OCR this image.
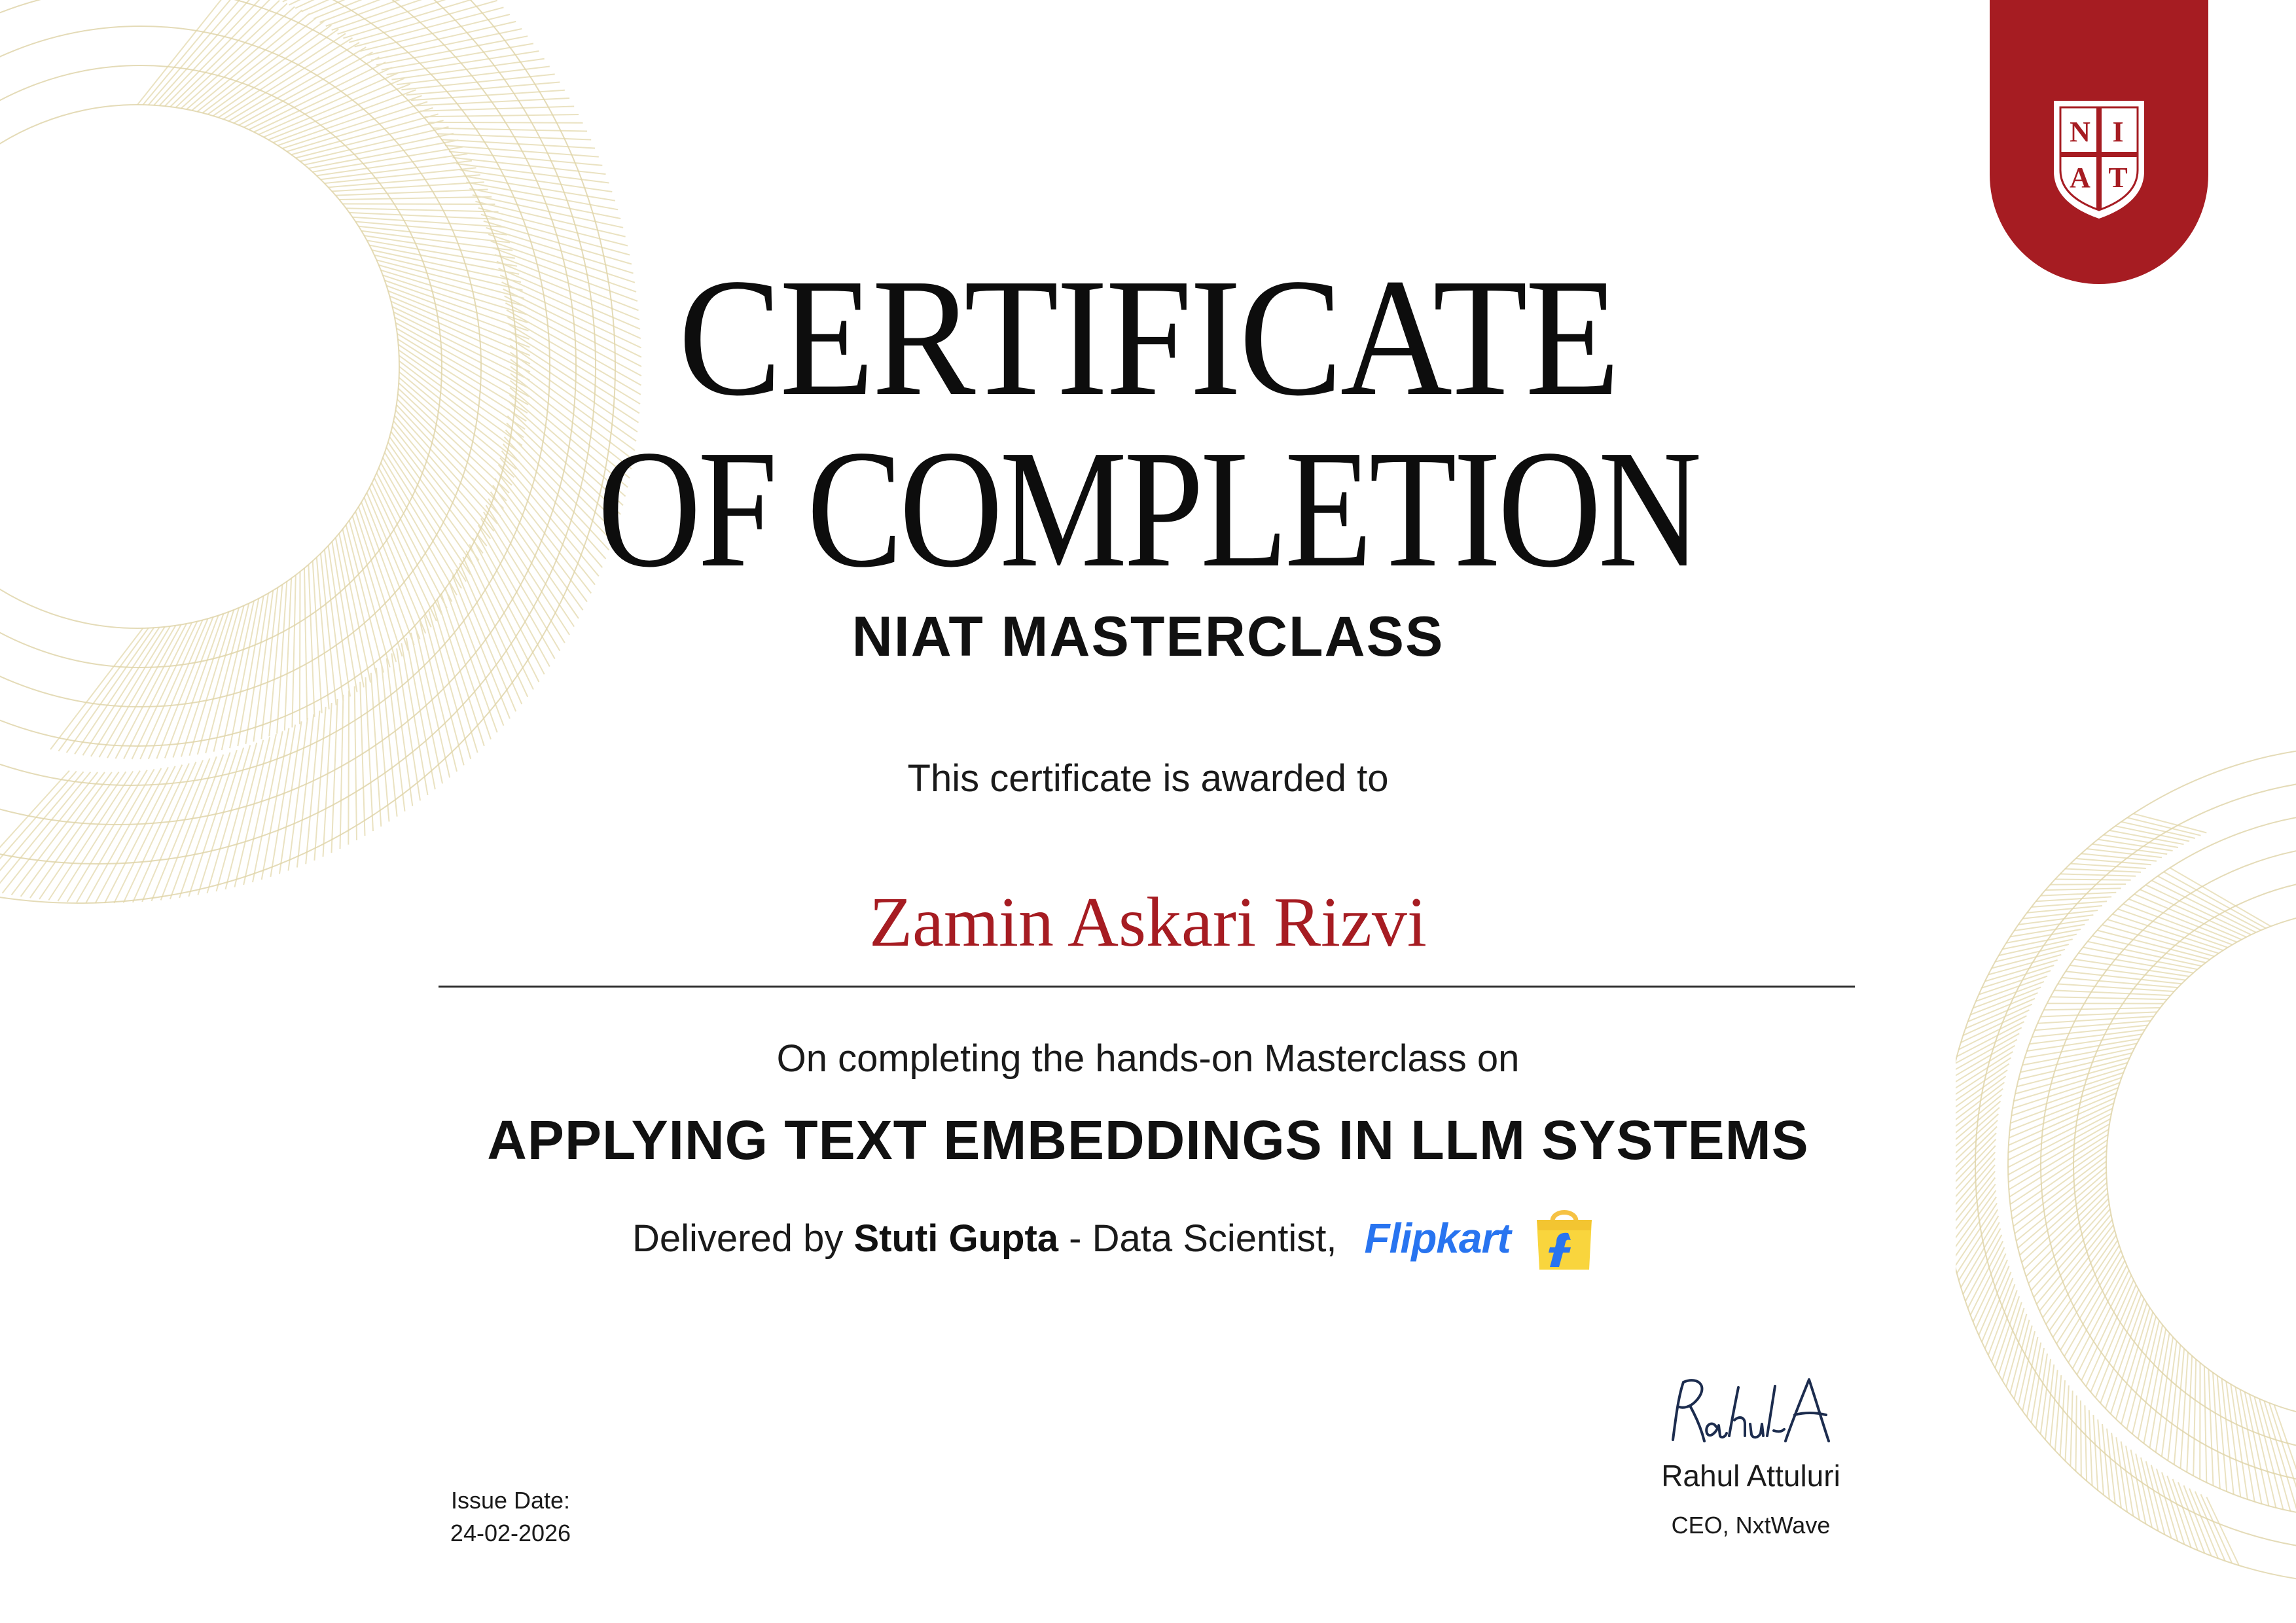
N I
A T
CERTIFICATE
OF COMPLETION
NIAT MASTERCLASS
This certificate is awarded to
Zamin Askari Rizvi
On completing the hands-on Masterclass on
APPLYING TEXT EMBEDDINGS IN LLM SYSTEMS
Delivered by
Stuti Gupta
-
Data Scientist, Flipkart
Issue Date:
24-02-2026
Rahul Attuluri
CEO, NxtWave
